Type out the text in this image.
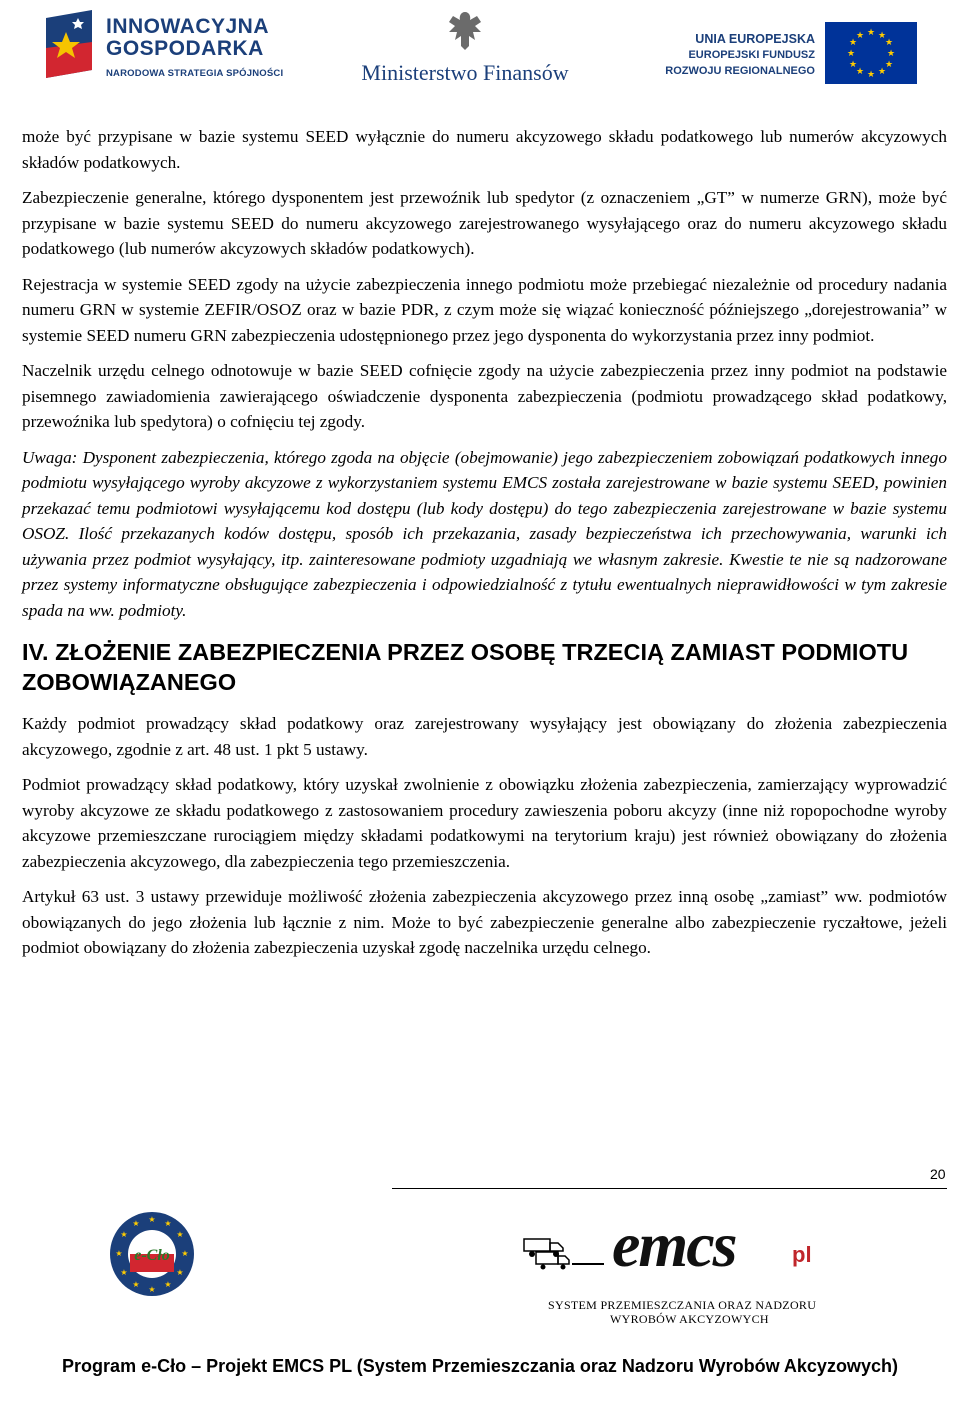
INNOWACYJNA
GOSPODARKA
NARODOWA STRATEGIA SPÓJNOŚCI	Ministerstwo Finansów
UNIA EUROPEJSKA
EUROPEJSKI FUNDUSZ
ROZWOJU REGIONALNEGO
★ ★
★
★
★
★
★
★
★
★
★
★

może być przypisane w bazie systemu SEED wyłącznie do numeru akcyzowego składu podatkowego lub numerów akcyzowych składów podatkowych.

Zabezpieczenie generalne, którego dysponentem jest przewoźnik lub spedytor (z oznaczeniem „GT” w numerze GRN), może być przypisane w bazie systemu SEED do numeru akcyzowego zarejestrowanego wysyłającego oraz do numeru akcyzowego składu podatkowego (lub numerów akcyzowych składów podatkowych).

Rejestracja w systemie SEED zgody na użycie zabezpieczenia innego podmiotu może przebiegać niezależnie od procedury nadania numeru GRN w systemie ZEFIR/OSOZ oraz w bazie PDR, z czym może się wiązać konieczność późniejszego „dorejestrowania” w systemie SEED numeru GRN zabezpieczenia udostępnionego przez jego dysponenta do wykorzystania przez inny podmiot.

Naczelnik urzędu celnego odnotowuje w bazie SEED cofnięcie zgody na użycie zabezpieczenia przez inny podmiot na podstawie pisemnego zawiadomienia zawierającego oświadczenie dysponenta zabezpieczenia (podmiotu prowadzącego skład podatkowy, przewoźnika lub spedytora) o cofnięciu tej zgody.

Uwaga: Dysponent zabezpieczenia, którego zgoda na objęcie (obejmowanie) jego zabezpieczeniem zobowiązań podatkowych innego podmiotu wysyłającego wyroby akcyzowe z wykorzystaniem systemu EMCS została zarejestrowane w bazie systemu SEED, powinien przekazać temu podmiotowi wysyłającemu kod dostępu (lub kody dostępu) do tego zabezpieczenia zarejestrowane w bazie systemu OSOZ. Ilość przekazanych kodów dostępu, sposób ich przekazania, zasady bezpieczeństwa ich przechowywania, warunki ich używania przez podmiot wysyłający, itp. zainteresowane podmioty uzgadniają we własnym zakresie. Kwestie te nie są nadzorowane przez systemy informatyczne obsługujące zabezpieczenia i odpowiedzialność z tytułu ewentualnych nieprawidłowości w tym zakresie spada na ww. podmioty.

IV. ZŁOŻENIE ZABEZPIECZENIA PRZEZ OSOBĘ TRZECIĄ ZAMIAST PODMIOTU ZOBOWIĄZANEGO

Każdy podmiot prowadzący skład podatkowy oraz zarejestrowany wysyłający jest obowiązany do złożenia zabezpieczenia akcyzowego, zgodnie z art. 48 ust. 1 pkt 5 ustawy.

Podmiot prowadzący skład podatkowy, który uzyskał zwolnienie z obowiązku złożenia zabezpieczenia, zamierzający wyprowadzić wyroby akcyzowe ze składu podatkowego z zastosowaniem procedury zawieszenia poboru akcyzy (inne niż ropopochodne wyroby akcyzowe przemieszczane rurociągiem między składami podatkowymi na terytorium kraju) jest również obowiązany do złożenia zabezpieczenia akcyzowego, dla zabezpieczenia tego przemieszczenia.

Artykuł 63 ust. 3 ustawy przewiduje możliwość złożenia zabezpieczenia akcyzowego przez inną osobę „zamiast” ww. podmiotów obowiązanych do jego złożenia lub łącznie z nim. Może to być zabezpieczenie generalne albo zabezpieczenie ryczałtowe, jeżeli podmiot obowiązany do złożenia zabezpieczenia uzyskał zgodę naczelnika urzędu celnego.

20
★ ★
★
★
★
★
★
★
★
★
★
★
e-Cło	emcs	pl
SYSTEM PRZEMIESZCZANIA ORAZ NADZORU
WYROBÓW AKCYZOWYCH
Program e-Cło – Projekt EMCS PL (System Przemieszczania oraz Nadzoru Wyrobów Akcyzowych)
